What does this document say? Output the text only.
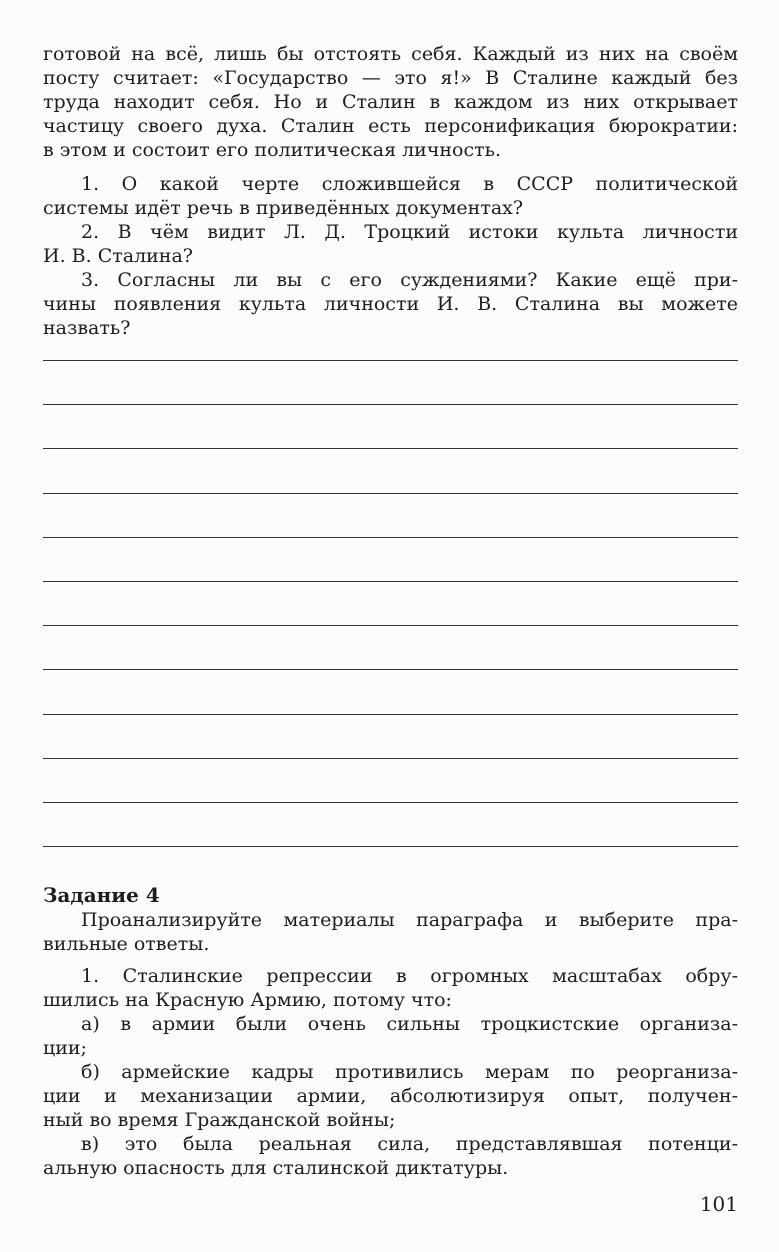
готовой на всё, лишь бы отстоять себя. Каждый из них на своём
посту считает: «Государство — это я!» В Сталине каждый без
труда находит себя. Но и Сталин в каждом из них открывает
частицу своего духа. Сталин есть персонификация бюрократии:
в этом и состоит его политическая личность.
1. О какой черте сложившейся в СССР политической
системы идёт речь в приведённых документах?
2. В чём видит Л. Д. Троцкий истоки культа личности
И. В. Сталина?
3. Согласны ли вы с его суждениями? Какие ещё при-
чины появления культа личности И. В. Сталина вы можете
назвать?
Задание 4
Проанализируйте материалы параграфа и выберите пра-
вильные ответы.
1. Сталинские репрессии в огромных масштабах обру-
шились на Красную Армию, потому что:
а) в армии были очень сильны троцкистские организа-
ции;
б) армейские кадры противились мерам по реорганиза-
ции и механизации армии, абсолютизируя опыт, получен-
ный во время Гражданской войны;
в) это была реальная сила, представлявшая потенци-
альную опасность для сталинской диктатуры.
101
